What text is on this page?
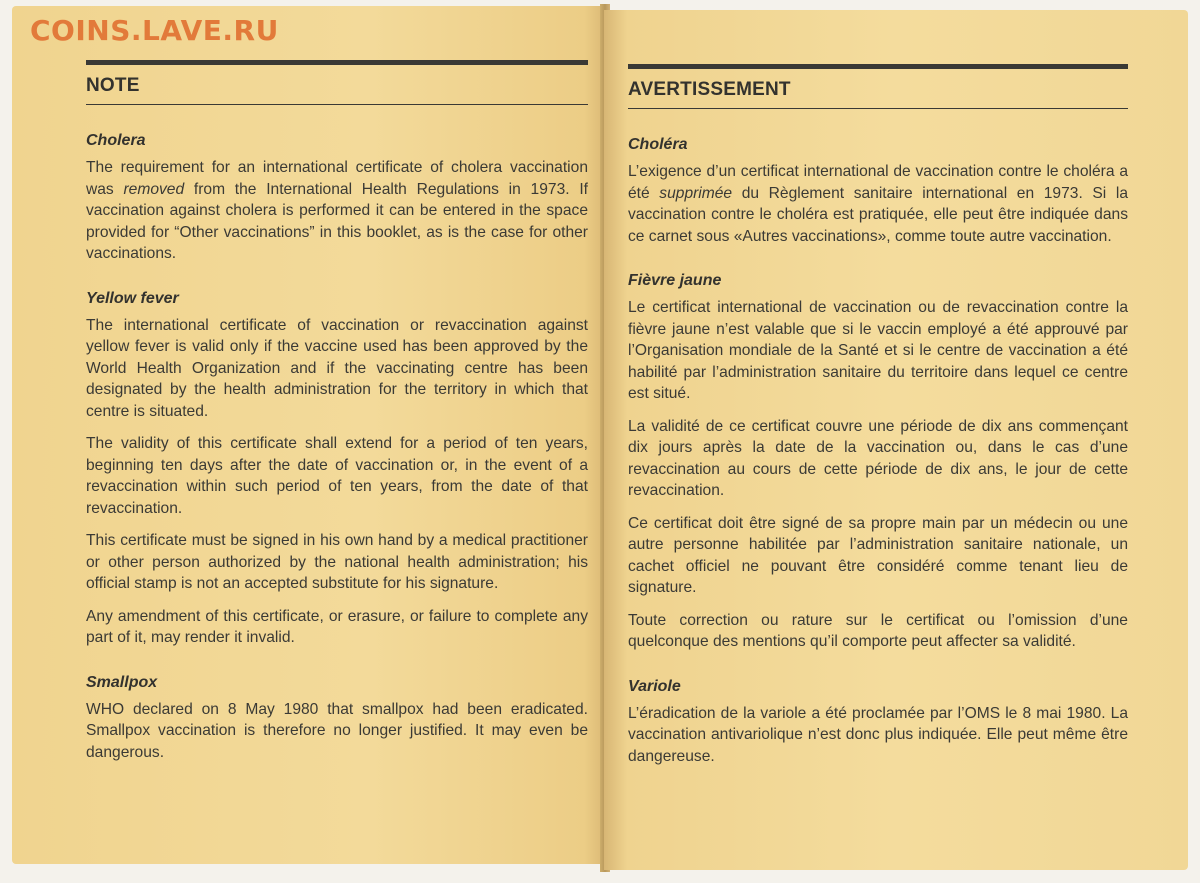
NOTE
Cholera

The requirement for an international certificate of cholera vaccination was removed from the International Health Regulations in 1973. If vaccination against cholera is performed it can be entered in the space provided for “Other vaccinations” in this booklet, as is the case for other vaccinations.

Yellow fever

The international certificate of vaccination or revaccination against yellow fever is valid only if the vaccine used has been approved by the World Health Organization and if the vaccinating centre has been designated by the health administration for the territory in which that centre is situated.

The validity of this certificate shall extend for a period of ten years, beginning ten days after the date of vaccination or, in the event of a revaccination within such period of ten years, from the date of that revaccination.

This certificate must be signed in his own hand by a medical practitioner or other person authorized by the national health administration; his official stamp is not an accepted substitute for his signature.

Any amendment of this certificate, or erasure, or failure to complete any part of it, may render it invalid.

Smallpox

WHO declared on 8 May 1980 that smallpox had been eradicated. Smallpox vaccination is therefore no longer justified. It may even be dangerous.

AVERTISSEMENT
Choléra

L’exigence d’un certificat international de vaccination contre le choléra a été supprimée du Règlement sanitaire international en 1973. Si la vaccination contre le choléra est pratiquée, elle peut être indiquée dans ce carnet sous «Autres vaccinations», comme toute autre vaccination.

Fièvre jaune

Le certificat international de vaccination ou de revaccination contre la fièvre jaune n’est valable que si le vaccin employé a été approuvé par l’Organisation mondiale de la Santé et si le centre de vaccination a été habilité par l’administration sanitaire du territoire dans lequel ce centre est situé.

La validité de ce certificat couvre une période de dix ans commençant dix jours après la date de la vaccination ou, dans le cas d’une revaccination au cours de cette période de dix ans, le jour de cette revaccination.

Ce certificat doit être signé de sa propre main par un médecin ou une autre personne habilitée par l’administration sanitaire nationale, un cachet officiel ne pouvant être considéré comme tenant lieu de signature.

Toute correction ou rature sur le certificat ou l’omission d’une quelconque des mentions qu’il comporte peut affecter sa validité.

Variole

L’éradication de la variole a été proclamée par l’OMS le 8 mai 1980. La vaccination antivariolique n’est donc plus indiquée. Elle peut même être dangereuse.

COINS.LAVE.RU
